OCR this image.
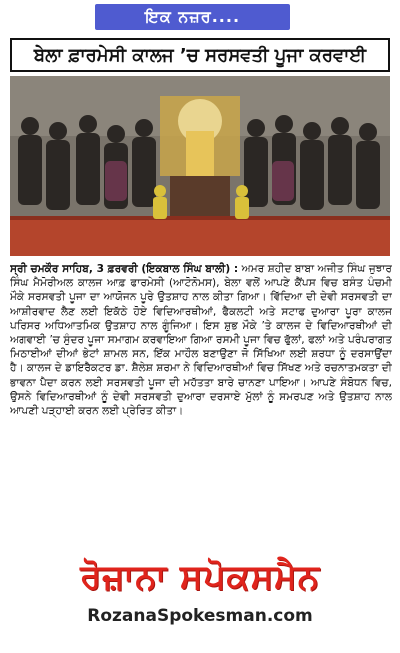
ਇਕ ਨਜ਼ਰ....
ਬੇਲਾ ਫ਼ਾਰਮੇਸੀ ਕਾਲਜ ’ਚ ਸਰਸਵਤੀ ਪੂਜਾ ਕਰਵਾਈ
ਸ੍ਰੀ ਚਮਕੌਰ ਸਾਹਿਬ, 3 ਫ਼ਰਵਰੀ (ਇਕਬਾਲ ਸਿੰਘ ਬਾਲੀ) : ਅਮਰ ਸ਼ਹੀਦ ਬਾਬਾ ਅਜੀਤ ਸਿੰਘ ਜੁਝਾਰ ਸਿੰਘ ਮੈਮੋਰੀਅਲ ਕਾਲਜ ਆਫ਼ ਫਾਰਮੇਸੀ (ਆਟੋਨੋਮਸ), ਬੇਲਾ ਵਲੋਂ ਆਪਣੇ ਕੈਂਪਸ ਵਿਚ ਬਸੰਤ ਪੰਚਮੀ ਮੌਕੇ ਸਰਸਵਤੀ ਪੂਜਾ ਦਾ ਆਯੋਜਨ ਪੂਰੇ ਉਤਸ਼ਾਹ ਨਾਲ ਕੀਤਾ ਗਿਆ। ਵਿੱਦਿਆ ਦੀ ਦੇਵੀ ਸਰਸਵਤੀ ਦਾ ਆਸ਼ੀਰਵਾਦ ਲੈਣ ਲਈ ਇਕੱਠੇ ਹੋਏ ਵਿਦਿਆਰਥੀਆਂ, ਫੈਕਲਟੀ ਅਤੇ ਸਟਾਫ ਦੁਆਰਾ ਪੂਰਾ ਕਾਲਜ ਪਰਿਸਰ ਅਧਿਆਤਮਿਕ ਉਤਸ਼ਾਹ ਨਾਲ ਗੂੰਜਿਆ। ਇਸ ਸ਼ੁਭ ਮੌਕੇ ’ਤੇ ਕਾਲਜ ਦੇ ਵਿਦਿਆਰਥੀਆਂ ਦੀ ਅਗਵਾਈ ’ਚ ਸੁੰਦਰ ਪੂਜਾ ਸਮਾਗਮ ਕਰਵਾਇਆ ਗਿਆ ਰਸਮੀ ਪੂਜਾ ਵਿਚ ਫੁੱਲਾਂ, ਫਲਾਂ ਅਤੇ ਪਰੰਪਰਾਗਤ ਮਿਠਾਈਆਂ ਦੀਆਂ ਭੇਟਾਂ ਸ਼ਾਮਲ ਸਨ, ਇੱਕ ਮਾਹੌਲ ਬਣਾਉਣਾ ਜੋ ਸਿੱਖਿਆ ਲਈ ਸ਼ਰਧਾ ਨੂੰ ਦਰਸਾਉਂਦਾ ਹੈ। ਕਾਲਜ ਦੇ ਡਾਇਰੈਕਟਰ ਡਾ. ਸ਼ੈਲੇਸ਼ ਸ਼ਰਮਾ ਨੇ ਵਿਦਿਆਰਥੀਆਂ ਵਿਚ ਸਿੱਖਣ ਅਤੇ ਰਚਨਾਤਮਕਤਾ ਦੀ ਭਾਵਨਾ ਪੈਦਾ ਕਰਨ ਲਈ ਸਰਸਵਤੀ ਪੂਜਾ ਦੀ ਮਹੱਤਤਾ ਬਾਰੇ ਚਾਨਣਾ ਪਾਇਆ। ਆਪਣੇ ਸੰਬੋਧਨ ਵਿਚ, ਉਸਨੇ ਵਿਦਿਆਰਥੀਆਂ ਨੂੰ ਦੇਵੀ ਸਰਸਵਤੀ ਦੁਆਰਾ ਦਰਸਾਏ ਮੁੱਲਾਂ ਨੂੰ ਸਮਰਪਣ ਅਤੇ ਉਤਸ਼ਾਹ ਨਾਲ ਆਪਣੀ ਪੜ੍ਹਾਈ ਕਰਨ ਲਈ ਪ੍ਰੇਰਿਤ ਕੀਤਾ।
ਰੋਜ਼ਾਨਾ ਸਪੋਕਸਮੈਨ
RozanaSpokesman.com
